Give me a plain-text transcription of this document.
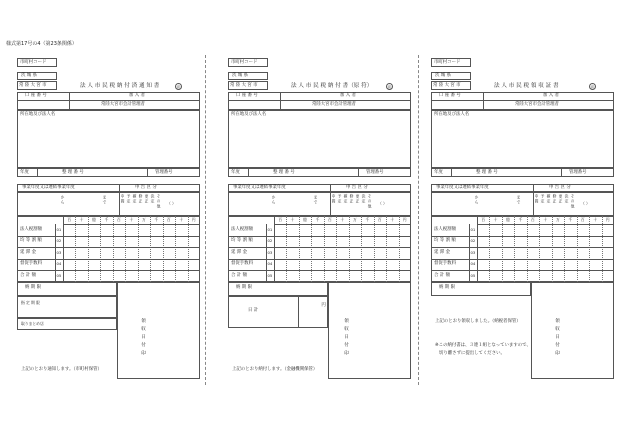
様式第17号の4（第23条関係）
市町村コード
茨 城 県
常 陸 大 宮 市	法 人 市 民 税 納 付 済 通 知 書	㊞
口 座 番 号	加 入 者
常陸大宮市会計管理者
所在地及び法人名
年度	整 理 番 号	管理番号
事業年度又は連結事業年度	申 告 区 分
か ら	ま で	中 間 予 定 確 定 修 正 更 正 決 定 そ の 他 （ ）
百 十 億 千 百 十 万 千 百 十 円
法人税割額	01
均 等 割 額	02
延 滞 金	03
督促手数料	04
合 計 額	05
納 期 限
領 収 日 付 印
指 定 期 限
取りまとめ店
上記のとおり通知します。（市町村保管）
市町村コード
茨 城 県
常 陸 大 宮 市	法 人 市 民 税 納 付 書（原 符）	㊞
口 座 番 号	加 入 者
常陸大宮市会計管理者
所在地及び法人名
年度	整 理 番 号	管理番号
事業年度又は連結事業年度	申 告 区 分
か ら	ま で	中 間 予 定 確 定 修 正 更 正 決 定 そ の 他 （ ）
百 十 億 千 百 十 万 千 百 十 円
法人税割額	01
均 等 割 額	02
延 滞 金	03
督促手数料	04
合 計 額	05
納 期 限
領 収 日 付 印
日 計
円
上記のとおり納付します。（金融機関保管）
市町村コード
茨 城 県
常 陸 大 宮 市	法 人 市 民 税 領 収 証 書	㊞
口 座 番 号	加 入 者
常陸大宮市会計管理者
所在地及び法人名
年度	整 理 番 号	管理番号
事業年度又は連結事業年度	申 告 区 分
か ら	ま で	中 間 予 定 確 定 修 正 更 正 決 定 そ の 他 （ ）
百 十 億 千 百 十 万 千 百 十 円
法人税割額	01
均 等 割 額	02
延 滞 金	03
督促手数料	04
合 計 額	05
納 期 限
領 収 日 付 印
上記のとおり領収しました。（納税者保管）
※この納付書は、３連１組となっていますので、
切り離さずに提出してください。
